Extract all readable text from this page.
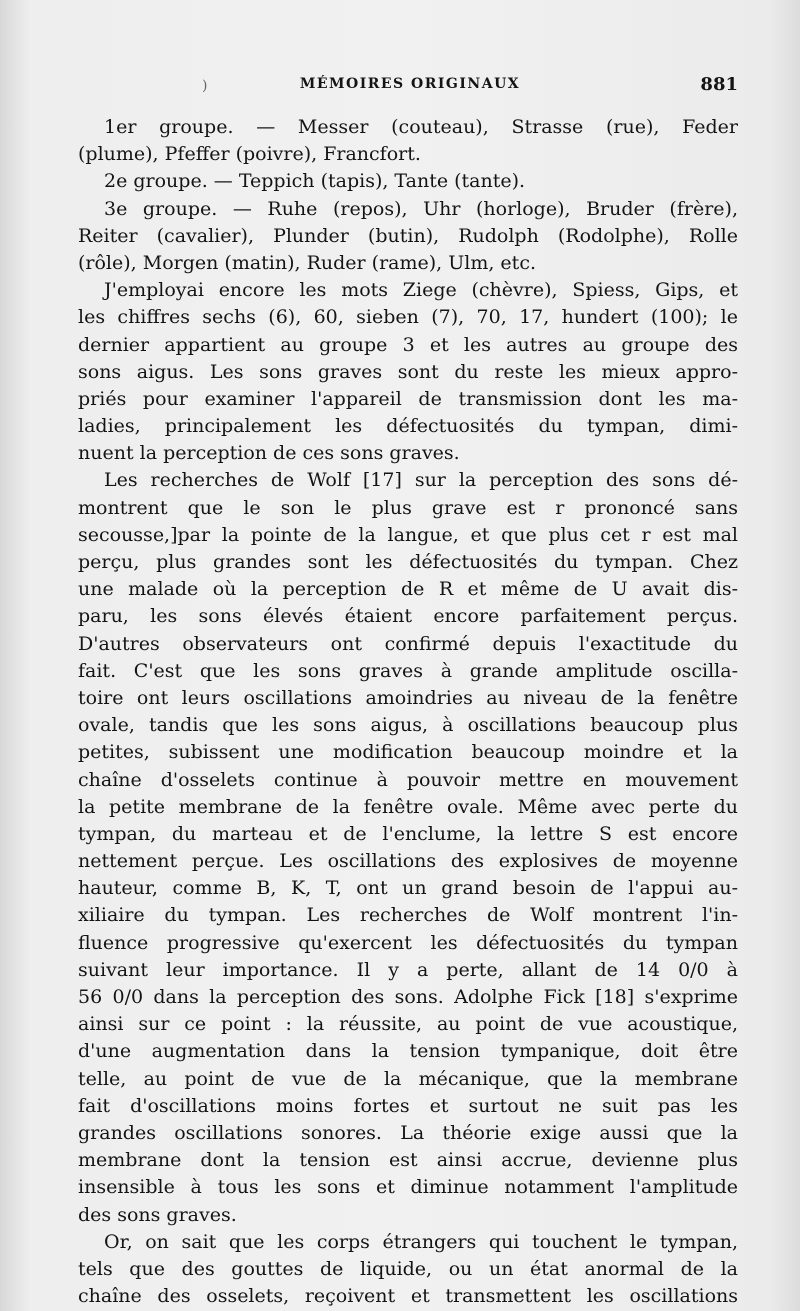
)	MÉMOIRES ORIGINAUX	881
1er groupe. — Messer (couteau), Strasse (rue), Feder
(plume), Pfeffer (poivre), Francfort.
2e groupe. — Teppich (tapis), Tante (tante).
3e groupe. — Ruhe (repos), Uhr (horloge), Bruder (frère),
Reiter (cavalier), Plunder (butin), Rudolph (Rodolphe), Rolle
(rôle), Morgen (matin), Ruder (rame), Ulm, etc.
J'employai encore les mots Ziege (chèvre), Spiess, Gips, et
les chiffres sechs (6), 60, sieben (7), 70, 17, hundert (100); le
dernier appartient au groupe 3 et les autres au groupe des
sons aigus. Les sons graves sont du reste les mieux appro-
priés pour examiner l'appareil de transmission dont les ma-
ladies, principalement les défectuosités du tympan, dimi-
nuent la perception de ces sons graves.
Les recherches de Wolf [17] sur la perception des sons dé-
montrent que le son le plus grave est r prononcé sans
secousse,]par la pointe de la langue, et que plus cet r est mal
perçu, plus grandes sont les défectuosités du tympan. Chez
une malade où la perception de R et même de U avait dis-
paru, les sons élevés étaient encore parfaitement perçus.
D'autres observateurs ont confirmé depuis l'exactitude du
fait. C'est que les sons graves à grande amplitude oscilla-
toire ont leurs oscillations amoindries au niveau de la fenêtre
ovale, tandis que les sons aigus, à oscillations beaucoup plus
petites, subissent une modification beaucoup moindre et la
chaîne d'osselets continue à pouvoir mettre en mouvement
la petite membrane de la fenêtre ovale. Même avec perte du
tympan, du marteau et de l'enclume, la lettre S est encore
nettement perçue. Les oscillations des explosives de moyenne
hauteur, comme B, K, T, ont un grand besoin de l'appui au-
xiliaire du tympan. Les recherches de Wolf montrent l'in-
fluence progressive qu'exercent les défectuosités du tympan
suivant leur importance. Il y a perte, allant de 14 0/0 à
56 0/0 dans la perception des sons. Adolphe Fick [18] s'exprime
ainsi sur ce point : la réussite, au point de vue acoustique,
d'une augmentation dans la tension tympanique, doit être
telle, au point de vue de la mécanique, que la membrane
fait d'oscillations moins fortes et surtout ne suit pas les
grandes oscillations sonores. La théorie exige aussi que la
membrane dont la tension est ainsi accrue, devienne plus
insensible à tous les sons et diminue notamment l'amplitude
des sons graves.
Or, on sait que les corps étrangers qui touchent le tympan,
tels que des gouttes de liquide, ou un état anormal de la
chaîne des osselets, reçoivent et transmettent les oscillations
